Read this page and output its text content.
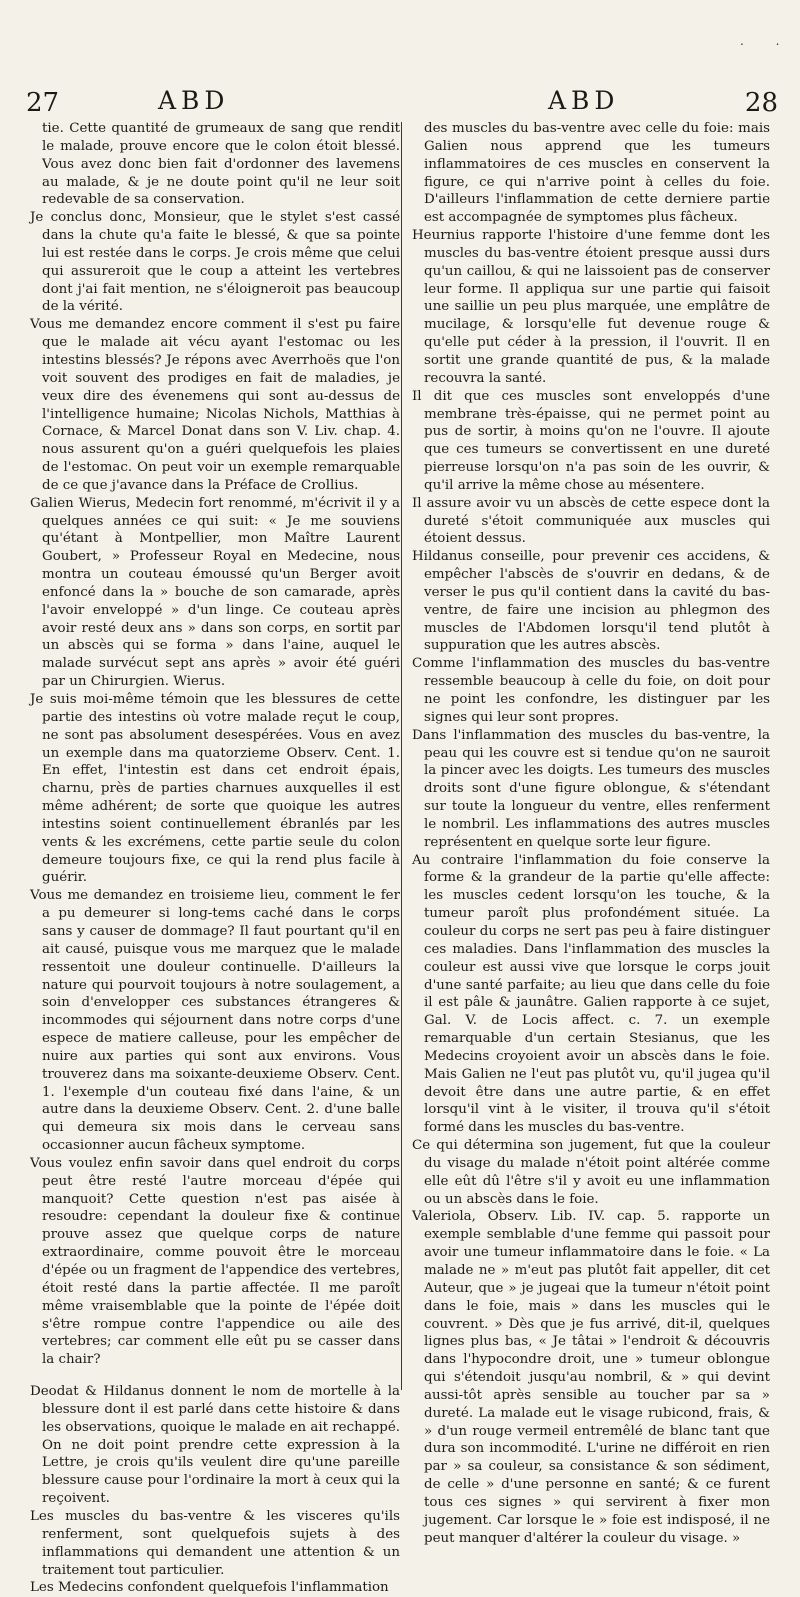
. .
27	ABD	ABD	28

tie. Cette quantité de grumeaux de sang que rendit le malade, prouve encore que le colon étoit blessé. Vous avez donc bien fait d'ordonner des lavemens au malade, & je ne doute point qu'il ne leur soit redevable de sa conservation.

Je conclus donc, Monsieur, que le stylet s'est cassé dans la chute qu'a faite le blessé, & que sa pointe lui est restée dans le corps. Je crois même que celui qui assureroit que le coup a atteint les vertebres dont j'ai fait mention, ne s'éloigneroit pas beaucoup de la vérité.

Vous me demandez encore comment il s'est pu faire que le malade ait vécu ayant l'estomac ou les intestins blessés? Je répons avec Averrhoës que l'on voit souvent des prodiges en fait de maladies, je veux dire des évenemens qui sont au-dessus de l'intelligence humaine; Nicolas Nichols, Matthias à Cornace, & Marcel Donat dans son V. Liv. chap. 4. nous assurent qu'on a guéri quelquefois les plaies de l'estomac. On peut voir un exemple remarquable de ce que j'avance dans la Préface de Crollius.

Galien Wierus, Medecin fort renommé, m'écrivit il y a quelques années ce qui suit: « Je me souviens qu'étant à Montpellier, mon Maître Laurent Goubert, » Professeur Royal en Medecine, nous montra un couteau émoussé qu'un Berger avoit enfoncé dans la » bouche de son camarade, après l'avoir enveloppé » d'un linge. Ce couteau après avoir resté deux ans » dans son corps, en sortit par un abscès qui se forma » dans l'aine, auquel le malade survécut sept ans après » avoir été guéri par un Chirurgien. Wierus.

Je suis moi-même témoin que les blessures de cette partie des intestins où votre malade reçut le coup, ne sont pas absolument desespérées. Vous en avez un exemple dans ma quatorzieme Observ. Cent. 1. En effet, l'intestin est dans cet endroit épais, charnu, près de parties charnues auxquelles il est même adhérent; de sorte que quoique les autres intestins soient continuellement ébranlés par les vents & les excrémens, cette partie seule du colon demeure toujours fixe, ce qui la rend plus facile à guérir.

Vous me demandez en troisieme lieu, comment le fer a pu demeurer si long-tems caché dans le corps sans y causer de dommage? Il faut pourtant qu'il en ait causé, puisque vous me marquez que le malade ressentoit une douleur continuelle. D'ailleurs la nature qui pourvoit toujours à notre soulagement, a soin d'envelopper ces substances étrangeres & incommodes qui séjournent dans notre corps d'une espece de matiere calleuse, pour les empêcher de nuire aux parties qui sont aux environs. Vous trouverez dans ma soixante-deuxieme Observ. Cent. 1. l'exemple d'un couteau fixé dans l'aine, & un autre dans la deuxieme Observ. Cent. 2. d'une balle qui demeura six mois dans le cerveau sans occasionner aucun fâcheux symptome.

Vous voulez enfin savoir dans quel endroit du corps peut être resté l'autre morceau d'épée qui manquoit? Cette question n'est pas aisée à resoudre: cependant la douleur fixe & continue prouve assez que quelque corps de nature extraordinaire, comme pouvoit être le morceau d'épée ou un fragment de l'appendice des vertebres, étoit resté dans la partie affectée. Il me paroît même vraisemblable que la pointe de l'épée doit s'être rompue contre l'appendice ou aile des vertebres; car comment elle eût pu se casser dans la chair?

Deodat & Hildanus donnent le nom de mortelle à la blessure dont il est parlé dans cette histoire & dans les observations, quoique le malade en ait rechappé. On ne doit point prendre cette expression à la Lettre, je crois qu'ils veulent dire qu'une pareille blessure cause pour l'ordinaire la mort à ceux qui la reçoivent.

Les muscles du bas-ventre & les visceres qu'ils renferment, sont quelquefois sujets à des inflammations qui demandent une attention & un traitement tout particulier.

Les Medecins confondent quelquefois l'inflammation

des muscles du bas-ventre avec celle du foie: mais Galien nous apprend que les tumeurs inflammatoires de ces muscles en conservent la figure, ce qui n'arrive point à celles du foie. D'ailleurs l'inflammation de cette derniere partie est accompagnée de symptomes plus fâcheux.

Heurnius rapporte l'histoire d'une femme dont les muscles du bas-ventre étoient presque aussi durs qu'un caillou, & qui ne laissoient pas de conserver leur forme. Il appliqua sur une partie qui faisoit une saillie un peu plus marquée, une emplâtre de mucilage, & lorsqu'elle fut devenue rouge & qu'elle put céder à la pression, il l'ouvrit. Il en sortit une grande quantité de pus, & la malade recouvra la santé.

Il dit que ces muscles sont enveloppés d'une membrane très-épaisse, qui ne permet point au pus de sortir, à moins qu'on ne l'ouvre. Il ajoute que ces tumeurs se convertissent en une dureté pierreuse lorsqu'on n'a pas soin de les ouvrir, & qu'il arrive la même chose au mésentere.

Il assure avoir vu un abscès de cette espece dont la dureté s'étoit communiquée aux muscles qui étoient dessus.

Hildanus conseille, pour prevenir ces accidens, & empêcher l'abscès de s'ouvrir en dedans, & de verser le pus qu'il contient dans la cavité du bas-ventre, de faire une incision au phlegmon des muscles de l'Abdomen lorsqu'il tend plutôt à suppuration que les autres abscès.

Comme l'inflammation des muscles du bas-ventre ressemble beaucoup à celle du foie, on doit pour ne point les confondre, les distinguer par les signes qui leur sont propres.

Dans l'inflammation des muscles du bas-ventre, la peau qui les couvre est si tendue qu'on ne sauroit la pincer avec les doigts. Les tumeurs des muscles droits sont d'une figure oblongue, & s'étendant sur toute la longueur du ventre, elles renferment le nombril. Les inflammations des autres muscles représentent en quelque sorte leur figure.

Au contraire l'inflammation du foie conserve la forme & la grandeur de la partie qu'elle affecte: les muscles cedent lorsqu'on les touche, & la tumeur paroît plus profondément située. La couleur du corps ne sert pas peu à faire distinguer ces maladies. Dans l'inflammation des muscles la couleur est aussi vive que lorsque le corps jouit d'une santé parfaite; au lieu que dans celle du foie il est pâle & jaunâtre. Galien rapporte à ce sujet, Gal. V. de Locis affect. c. 7. un exemple remarquable d'un certain Stesianus, que les Medecins croyoient avoir un abscès dans le foie. Mais Galien ne l'eut pas plutôt vu, qu'il jugea qu'il devoit être dans une autre partie, & en effet lorsqu'il vint à le visiter, il trouva qu'il s'étoit formé dans les muscles du bas-ventre.

Ce qui détermina son jugement, fut que la couleur du visage du malade n'étoit point altérée comme elle eût dû l'être s'il y avoit eu une inflammation ou un abscès dans le foie.

Valeriola, Observ. Lib. IV. cap. 5. rapporte un exemple semblable d'une femme qui passoit pour avoir une tumeur inflammatoire dans le foie. « La malade ne » m'eut pas plutôt fait appeller, dit cet Auteur, que » je jugeai que la tumeur n'étoit point dans le foie, mais » dans les muscles qui le couvrent. » Dès que je fus arrivé, dit-il, quelques lignes plus bas, « Je tâtai » l'endroit & découvris dans l'hypocondre droit, une » tumeur oblongue qui s'étendoit jusqu'au nombril, & » qui devint aussi-tôt après sensible au toucher par sa » dureté. La malade eut le visage rubicond, frais, & » d'un rouge vermeil entremêlé de blanc tant que dura son incommodité. L'urine ne différoit en rien par » sa couleur, sa consistance & son sédiment, de celle » d'une personne en santé; & ce furent tous ces signes » qui servirent à fixer mon jugement. Car lorsque le » foie est indisposé, il ne peut manquer d'altérer la couleur du visage. »
